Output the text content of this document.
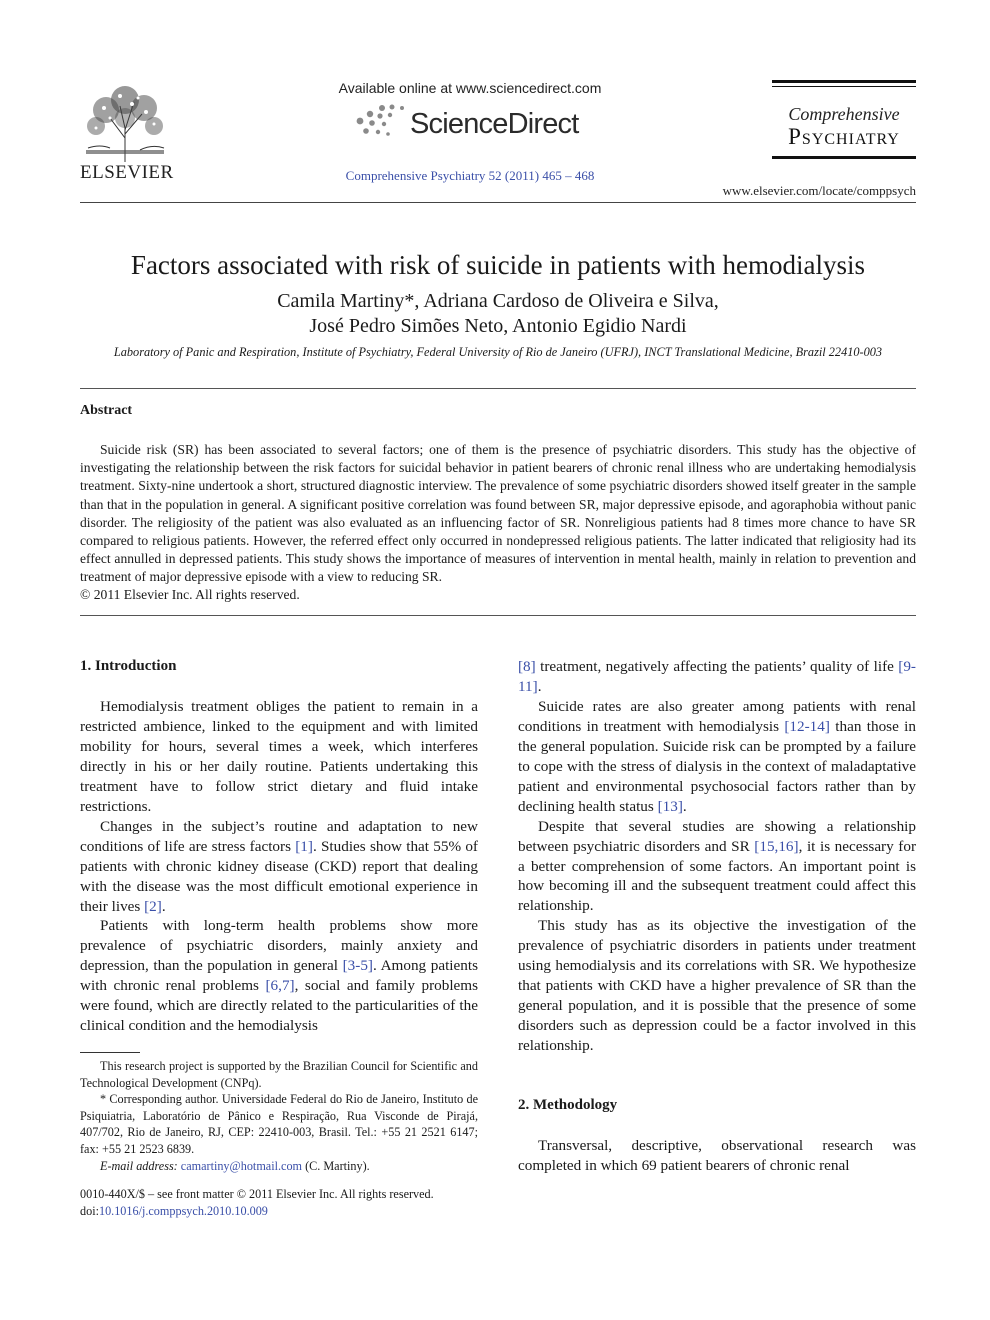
ELSEVIER
Available online at www.sciencedirect.com
ScienceDirect
Comprehensive Psychiatry 52 (2011) 465 – 468
Comprehensive
Psychiatry
www.elsevier.com/locate/comppsych
Factors associated with risk of suicide in patients with hemodialysis
Camila Martiny*, Adriana Cardoso de Oliveira e Silva,
José Pedro Simões Neto, Antonio Egidio Nardi
Laboratory of Panic and Respiration, Institute of Psychiatry, Federal University of Rio de Janeiro (UFRJ), INCT Translational Medicine, Brazil 22410-003
Abstract
Suicide risk (SR) has been associated to several factors; one of them is the presence of psychiatric disorders. This study has the objective of investigating the relationship between the risk factors for suicidal behavior in patient bearers of chronic renal illness who are undertaking hemodialysis treatment. Sixty-nine undertook a short, structured diagnostic interview. The prevalence of some psychiatric disorders showed itself greater in the sample than that in the population in general. A significant positive correlation was found between SR, major depressive episode, and agoraphobia without panic disorder. The religiosity of the patient was also evaluated as an influencing factor of SR. Nonreligious patients had 8 times more chance to have SR compared to religious patients. However, the referred effect only occurred in nondepressed religious patients. The latter indicated that religiosity had its effect annulled in depressed patients. This study shows the importance of measures of intervention in mental health, mainly in relation to prevention and treatment of major depressive episode with a view to reducing SR.
© 2011 Elsevier Inc. All rights reserved.
1. Introduction

Hemodialysis treatment obliges the patient to remain in a restricted ambience, linked to the equipment and with limited mobility for hours, several times a week, which interferes directly in his or her daily routine. Patients undertaking this treatment have to follow strict dietary and fluid intake restrictions.

Changes in the subject’s routine and adaptation to new conditions of life are stress factors [1]. Studies show that 55% of patients with chronic kidney disease (CKD) report that dealing with the disease was the most difficult emotional experience in their lives [2].

Patients with long-term health problems show more prevalence of psychiatric disorders, mainly anxiety and depression, than the population in general [3-5]. Among patients with chronic renal problems [6,7], social and family problems were found, which are directly related to the particularities of the clinical condition and the hemodialysis

This research project is supported by the Brazilian Council for Scientific and Technological Development (CNPq).

* Corresponding author. Universidade Federal do Rio de Janeiro, Instituto de Psiquiatria, Laboratório de Pânico e Respiração, Rua Visconde de Pirajá, 407/702, Rio de Janeiro, RJ, CEP: 22410-003, Brasil. Tel.: +55 21 2521 6147; fax: +55 21 2523 6839.

E-mail address: camartiny@hotmail.com (C. Martiny).

0010-440X/$ – see front matter © 2011 Elsevier Inc. All rights reserved.
doi:10.1016/j.comppsych.2010.10.009

[8] treatment, negatively affecting the patients’ quality of life [9-11].

Suicide rates are also greater among patients with renal conditions in treatment with hemodialysis [12-14] than those in the general population. Suicide risk can be prompted by a failure to cope with the stress of dialysis in the context of maladaptative patient and environmental psychosocial factors rather than by declining health status [13].

Despite that several studies are showing a relationship between psychiatric disorders and SR [15,16], it is necessary for a better comprehension of some factors. An important point is how becoming ill and the subsequent treatment could affect this relationship.

This study has as its objective the investigation of the prevalence of psychiatric disorders in patients under treatment using hemodialysis and its correlations with SR. We hypothesize that patients with CKD have a higher prevalence of SR than the general population, and it is possible that the presence of some disorders such as depression could be a factor involved in this relationship.

2. Methodology

Transversal, descriptive, observational research was completed in which 69 patient bearers of chronic renal
